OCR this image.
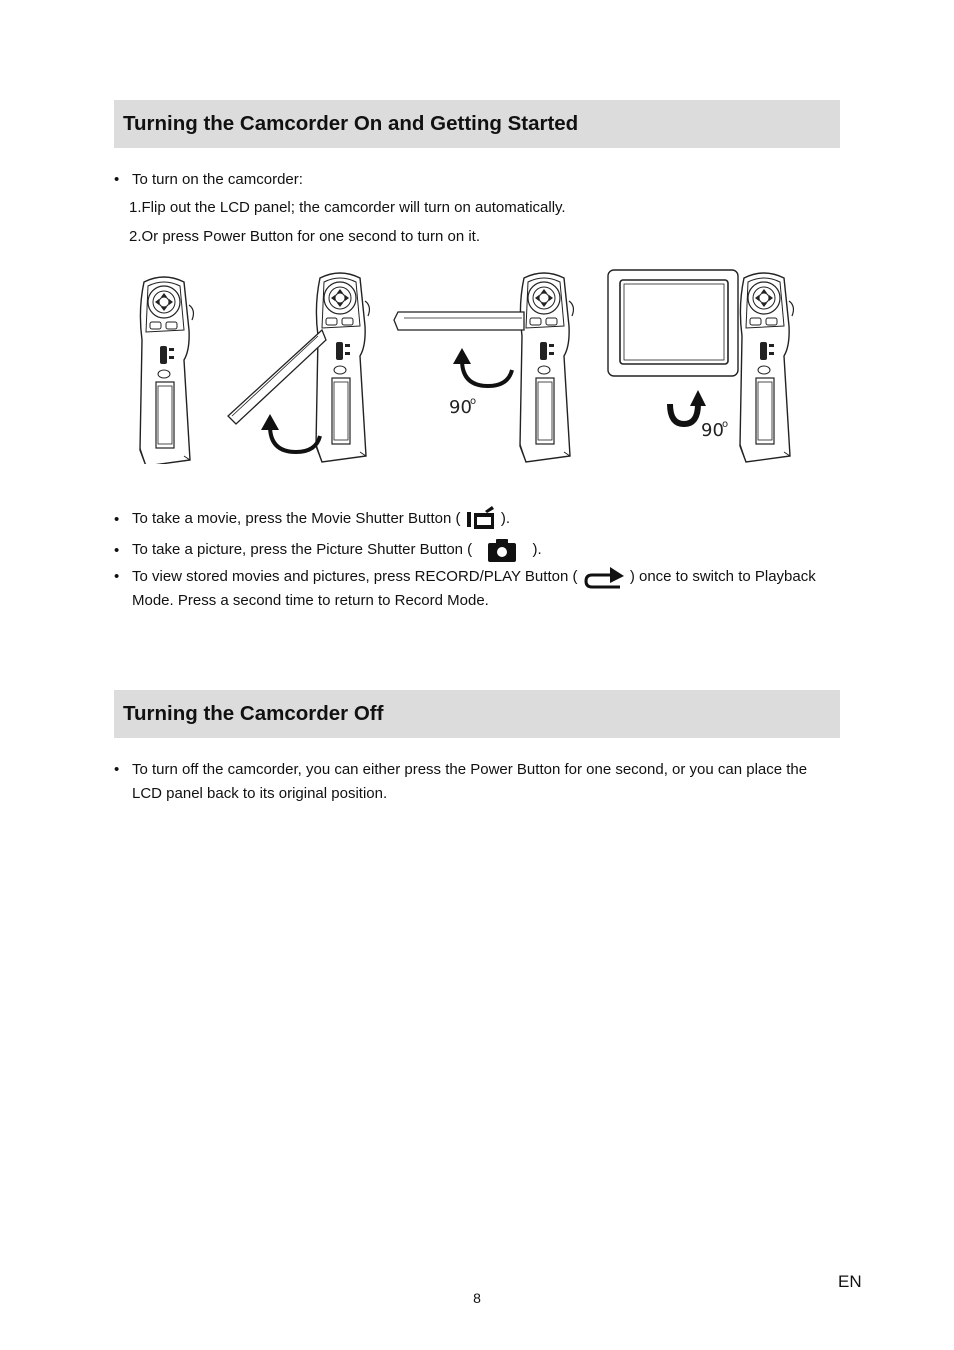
Turning the Camcorder On and Getting Started
• To turn on the camcorder:
1.Flip out the LCD panel; the camcorder will turn on automatically.
2.Or press Power Button for one second to turn on it.
90
o
90
o
• To take a movie, press the Movie Shutter Button (	).
• To take a picture, press the Picture Shutter Button (	).
• To view stored movies and pictures, press RECORD/PLAY Button (	) once to switch to Playback
Mode. Press a second time to return to Record Mode.
Turning the Camcorder Off
• To turn off the camcorder, you can either press the Power Button for one second, or you can place the
LCD panel back to its original position.
EN
8
